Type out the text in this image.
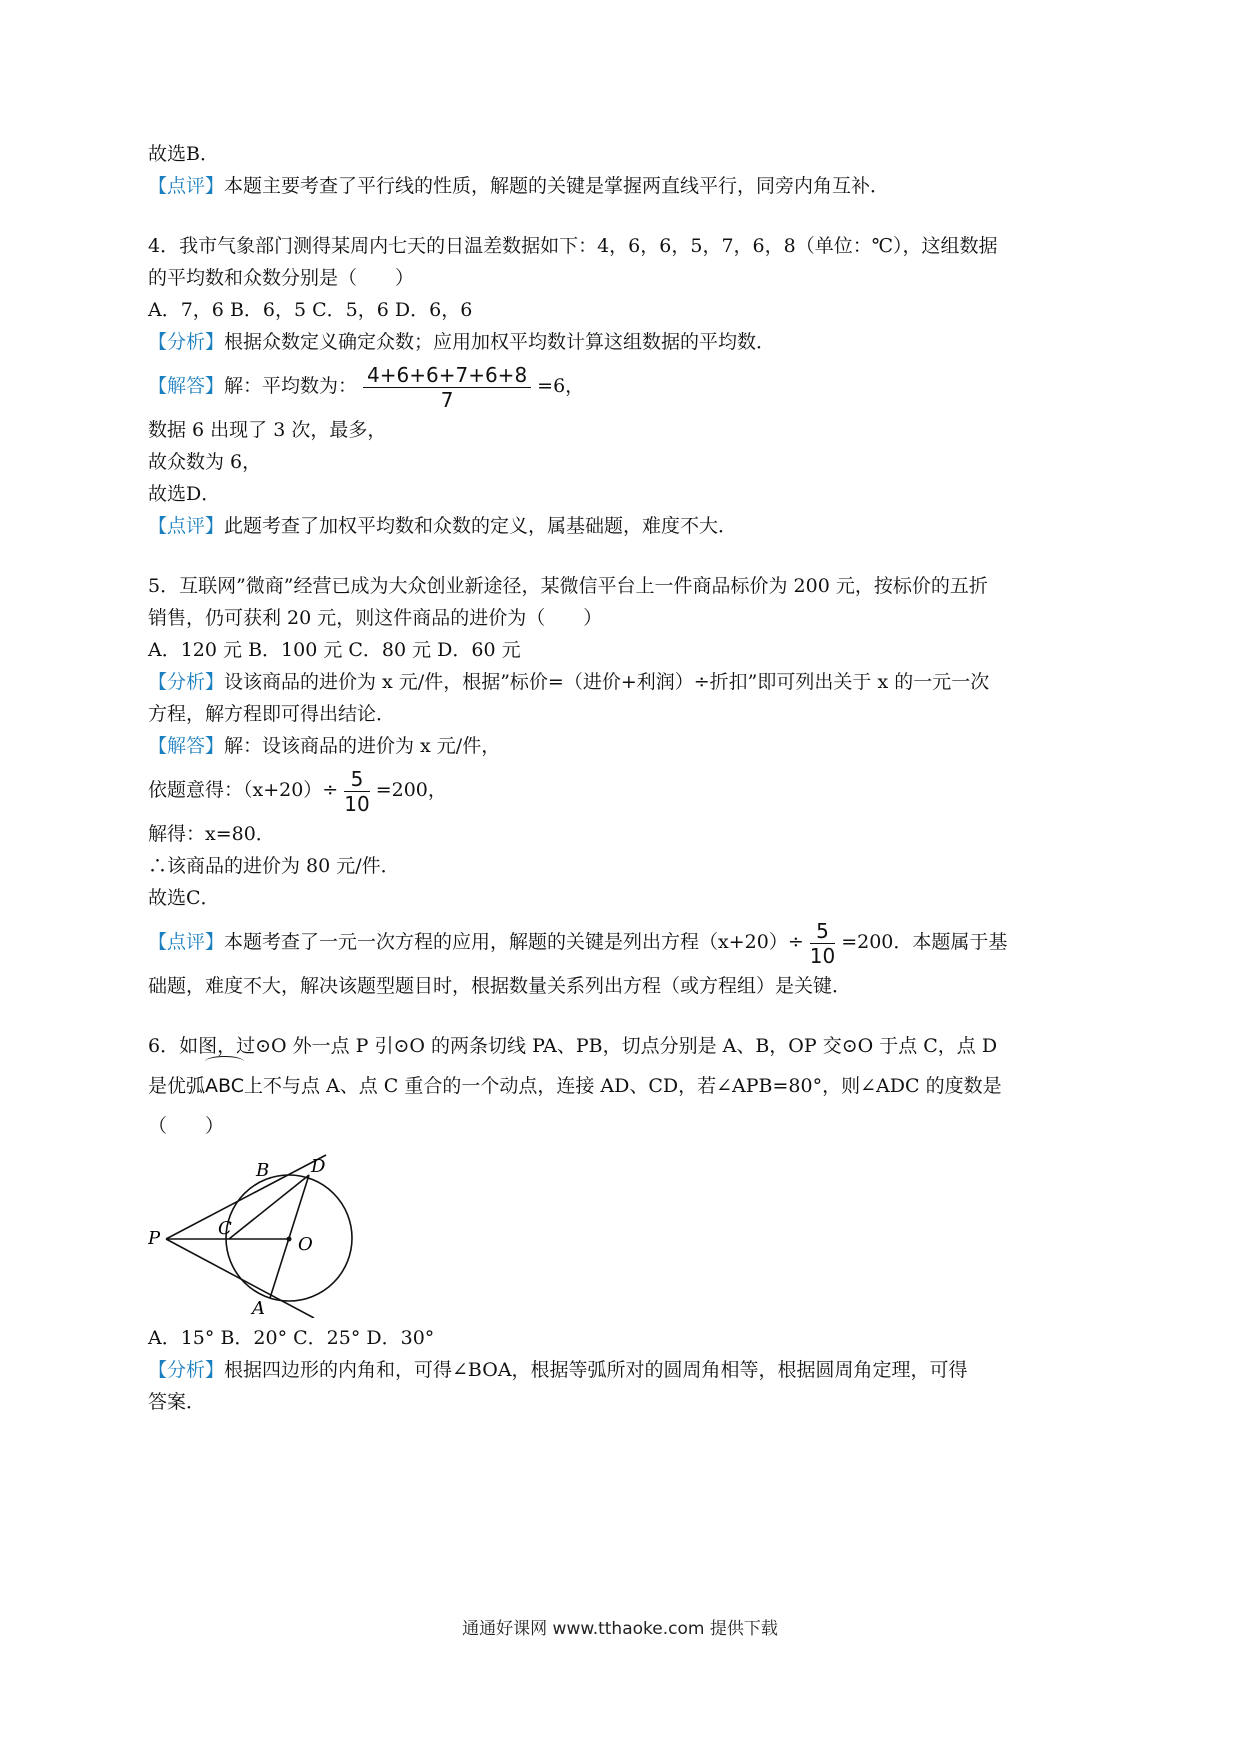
故选B．
【点评】本题主要考查了平行线的性质，解题的关键是掌握两直线平行，同旁内角互补．
4．我市气象部门测得某周内七天的日温差数据如下：4，6，6，5，7，6，8（单位：℃），这组数据
的平均数和众数分别是（　　）
A．7，6 B．6，5 C．5，6 D．6，6
【分析】根据众数定义确定众数；应用加权平均数计算这组数据的平均数．
【解答】解：平均数为： $\frac{4+6+6+7+6+8}{7} =6$，
数据 6 出现了 3 次，最多，
故众数为 6，
故选D．
【点评】此题考查了加权平均数和众数的定义，属基础题，难度不大．
5．互联网”微商”经营已成为大众创业新途径，某微信平台上一件商品标价为 200 元，按标价的五折
销售，仍可获利 20 元，则这件商品的进价为（　　）
A．120 元 B．100 元 C．80 元 D．60 元
【分析】设该商品的进价为 x 元/件，根据”标价=（进价+利润）÷折扣”即可列出关于 x 的一元一次
方程，解方程即可得出结论．
【解答】解：设该商品的进价为 x 元/件，
依题意得：$(x+20)\div \frac{5}{10} =200$，
解得：x=80．
∴该商品的进价为 80 元/件．
故选C．
【点评】本题考查了一元一次方程的应用，解题的关键是列出方程$(x+20)\div \frac{5}{10} =200$．本题属于基
础题，难度不大，解决该题型题目时，根据数量关系列出方程（或方程组）是关键．
6．如图，过⊙O 外一点 P 引⊙O 的两条切线 PA、PB，切点分别是 A、B，OP 交⊙O 于点 C，点 D
是优弧ABC上不与点 A、点 C 重合的一个动点，连接 AD、CD，若∠APB=80°，则∠ADC 的度数是
（　　）
P
B D
C
O
A
A．15° B．20° C．25° D．30°
【分析】根据四边形的内角和，可得∠BOA，根据等弧所对的圆周角相等，根据圆周角定理，可得
答案．
通通好课网 www.tthaoke.com 提供下载
